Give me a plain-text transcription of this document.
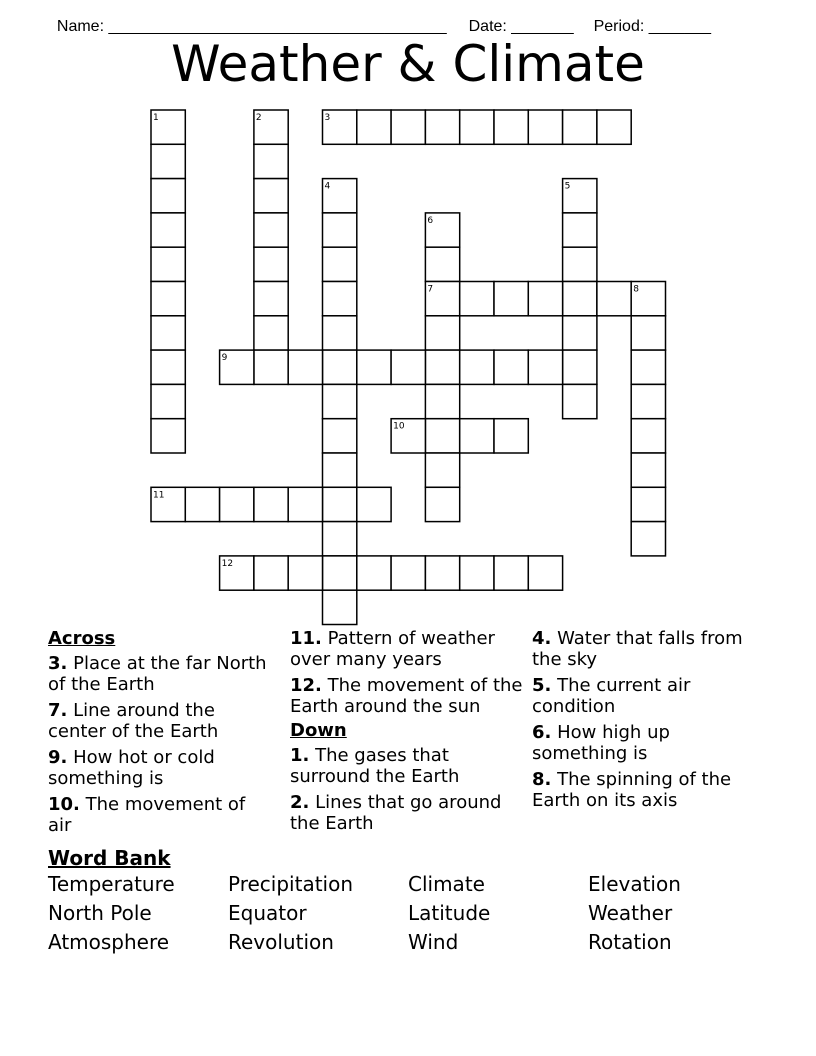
Name: ______________________________________ Date: _______ Period: _______

Weather & Climate
1	2	3
4	5
6
7	8
9
10
11
12
Across
3. Place at the far North of the Earth
7. Line around the center of the Earth
9. How hot or cold something is
10. The movement of air
11. Pattern of weather over many years
12. The movement of the Earth around the sun
Down
1. The gases that surround the Earth
2. Lines that go around the Earth
4. Water that falls from the sky
5. The current air condition
6. How high up something is
8. The spinning of the Earth on its axis
Word Bank
Temperature	Precipitation	Climate	Elevation
North Pole	Equator	Latitude	Weather
Atmosphere	Revolution	Wind	Rotation
